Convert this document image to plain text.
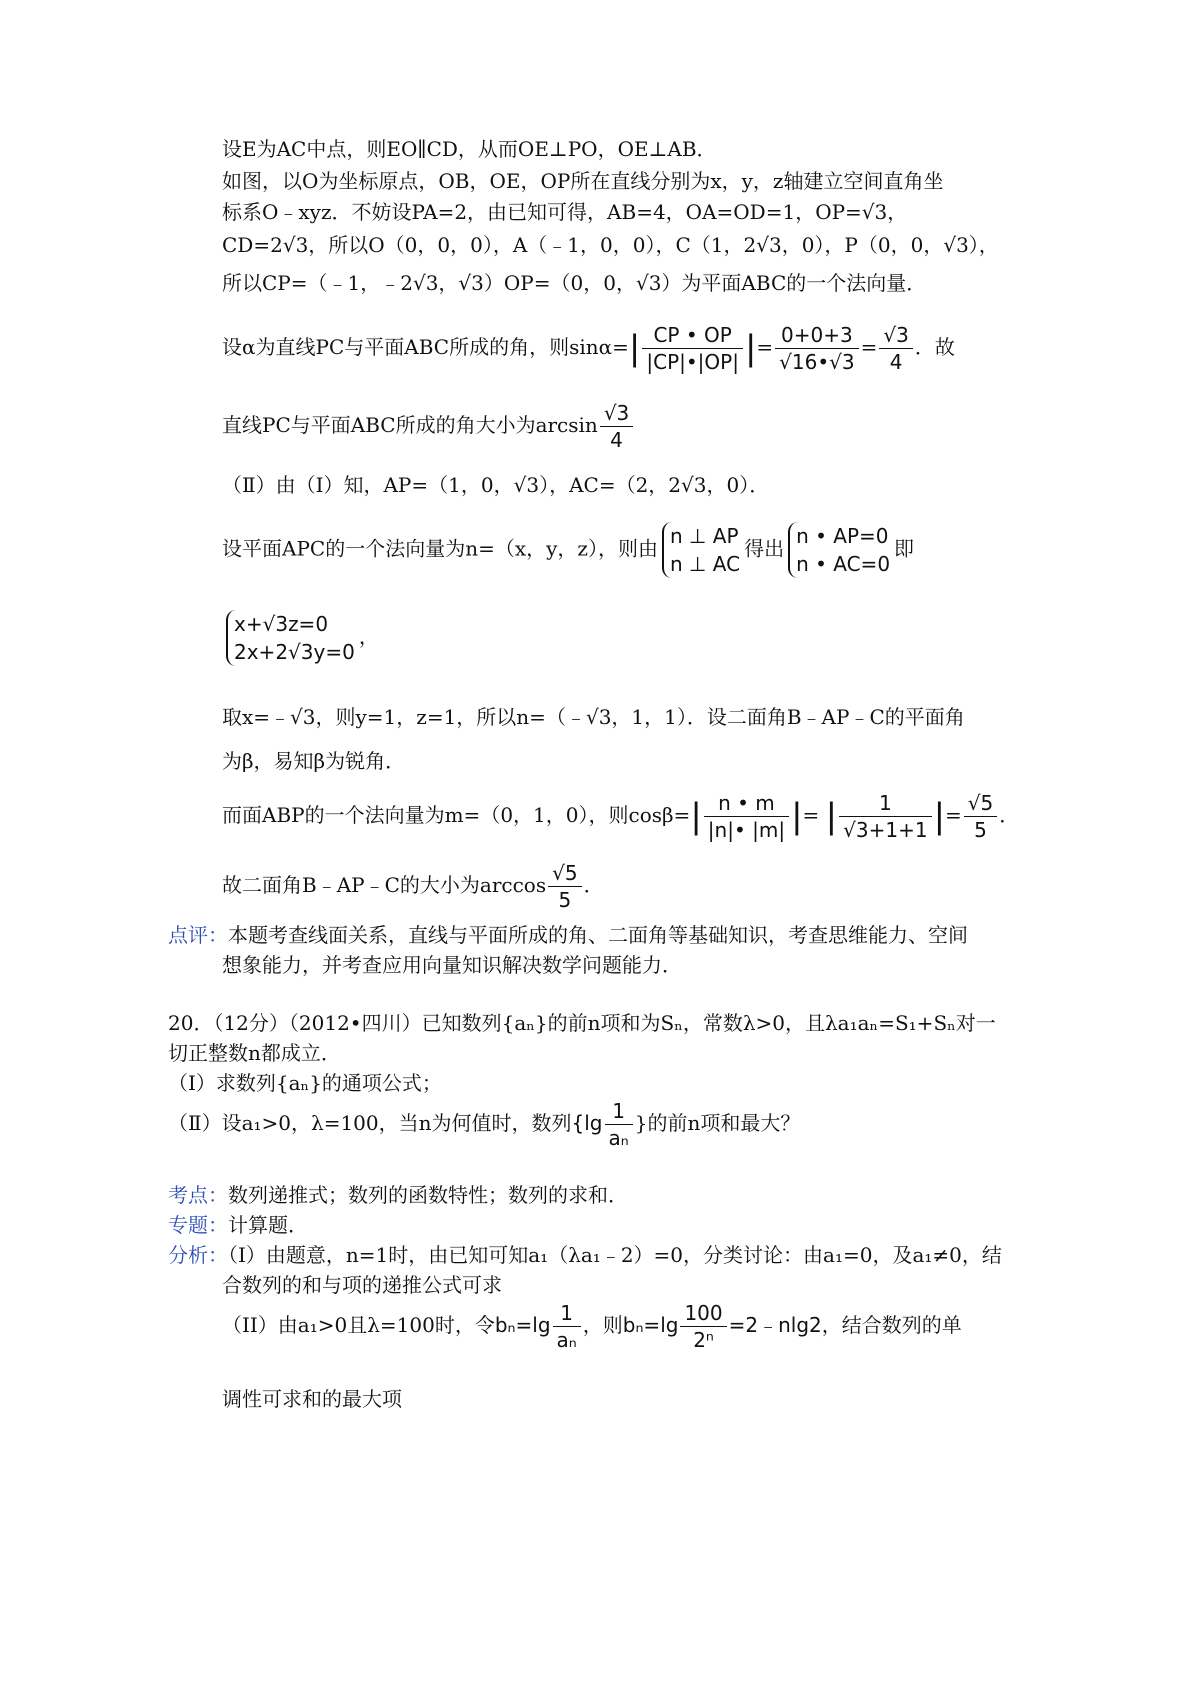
设E为AC中点，则EO∥CD，从而OE⊥PO，OE⊥AB．
如图，以O为坐标原点，OB，OE，OP所在直线分别为x，y，z轴建立空间直角坐
标系O﹣xyz．不妨设PA=2，由已知可得，AB=4，OA=OD=1，OP=√3，
CD=2√3，所以O（0，0，0），A（﹣1，0，0），C（1，2√3，0），P（0，0，√3），
所以CP=（﹣1，﹣2√3，√3）OP=（0，0，√3）为平面ABC的一个法向量．
设α为直线PC与平面ABC所成的角，则$\sin\alpha=| \frac{CP • OP}{|CP|•|OP|}$ |= $\frac{0+0+3}{√16•√3} = \frac{√3}{4}$ ．故
直线PC与平面ABC所成的角大小为$\arcsin \frac{√3}{4}$
（Ⅱ）由（Ⅰ）知，AP=（1，0，√3），AC=（2，2√3，0）．
设平面APC的一个法向量为n=（x，y，z），则由
n ⊥ AP
n ⊥ AC
得出
n • AP=0
n • AC=0
即
x+√3z=0
2x+2√3y=0
，
取x=﹣√3，则y=1，z=1，所以n=（﹣√3，1，1）．设二面角B﹣AP﹣C的平面角
为β，易知β为锐角．
而面ABP的一个法向量为m=（0，1，0），则$\cos\beta=| \frac{n • m}{|n|• |m|}$ |= | $\frac{1}{√3+1+1}$ |= $\frac{√5}{5}$ ．
故二面角B﹣AP﹣C的大小为$\arccos \frac{√5}{5}$ ．
点评：本题考查线面关系，直线与平面所成的角、二面角等基础知识，考查思维能力、空间
想象能力，并考查应用向量知识解决数学问题能力．
20．（12分）（2012•四川）已知数列{aₙ}的前n项和为Sₙ，常数λ>0，且λa₁aₙ=S₁+Sₙ对一
切正整数n都成立．
（Ⅰ）求数列{aₙ}的通项公式；
（Ⅱ）设a₁>0，λ=100，当n为何值时，数列{$\lg \frac{1}{\text{aₙ}}$ }的前n项和最大？
考点：数列递推式；数列的函数特性；数列的求和．
专题：计算题．
分析：（I）由题意，n=1时，由已知可知a₁（λa₁﹣2）=0，分类讨论：由a₁=0，及a₁≠0，结
合数列的和与项的递推公式可求
（II）由a₁>0且λ=100时，令$b_n=\lg \frac{1}{\text{aₙ}}$ ，则$b_n=\lg \frac{100}{\text{2ⁿ}}$ =2﹣nlg2，结合数列的单
调性可求和的最大项
